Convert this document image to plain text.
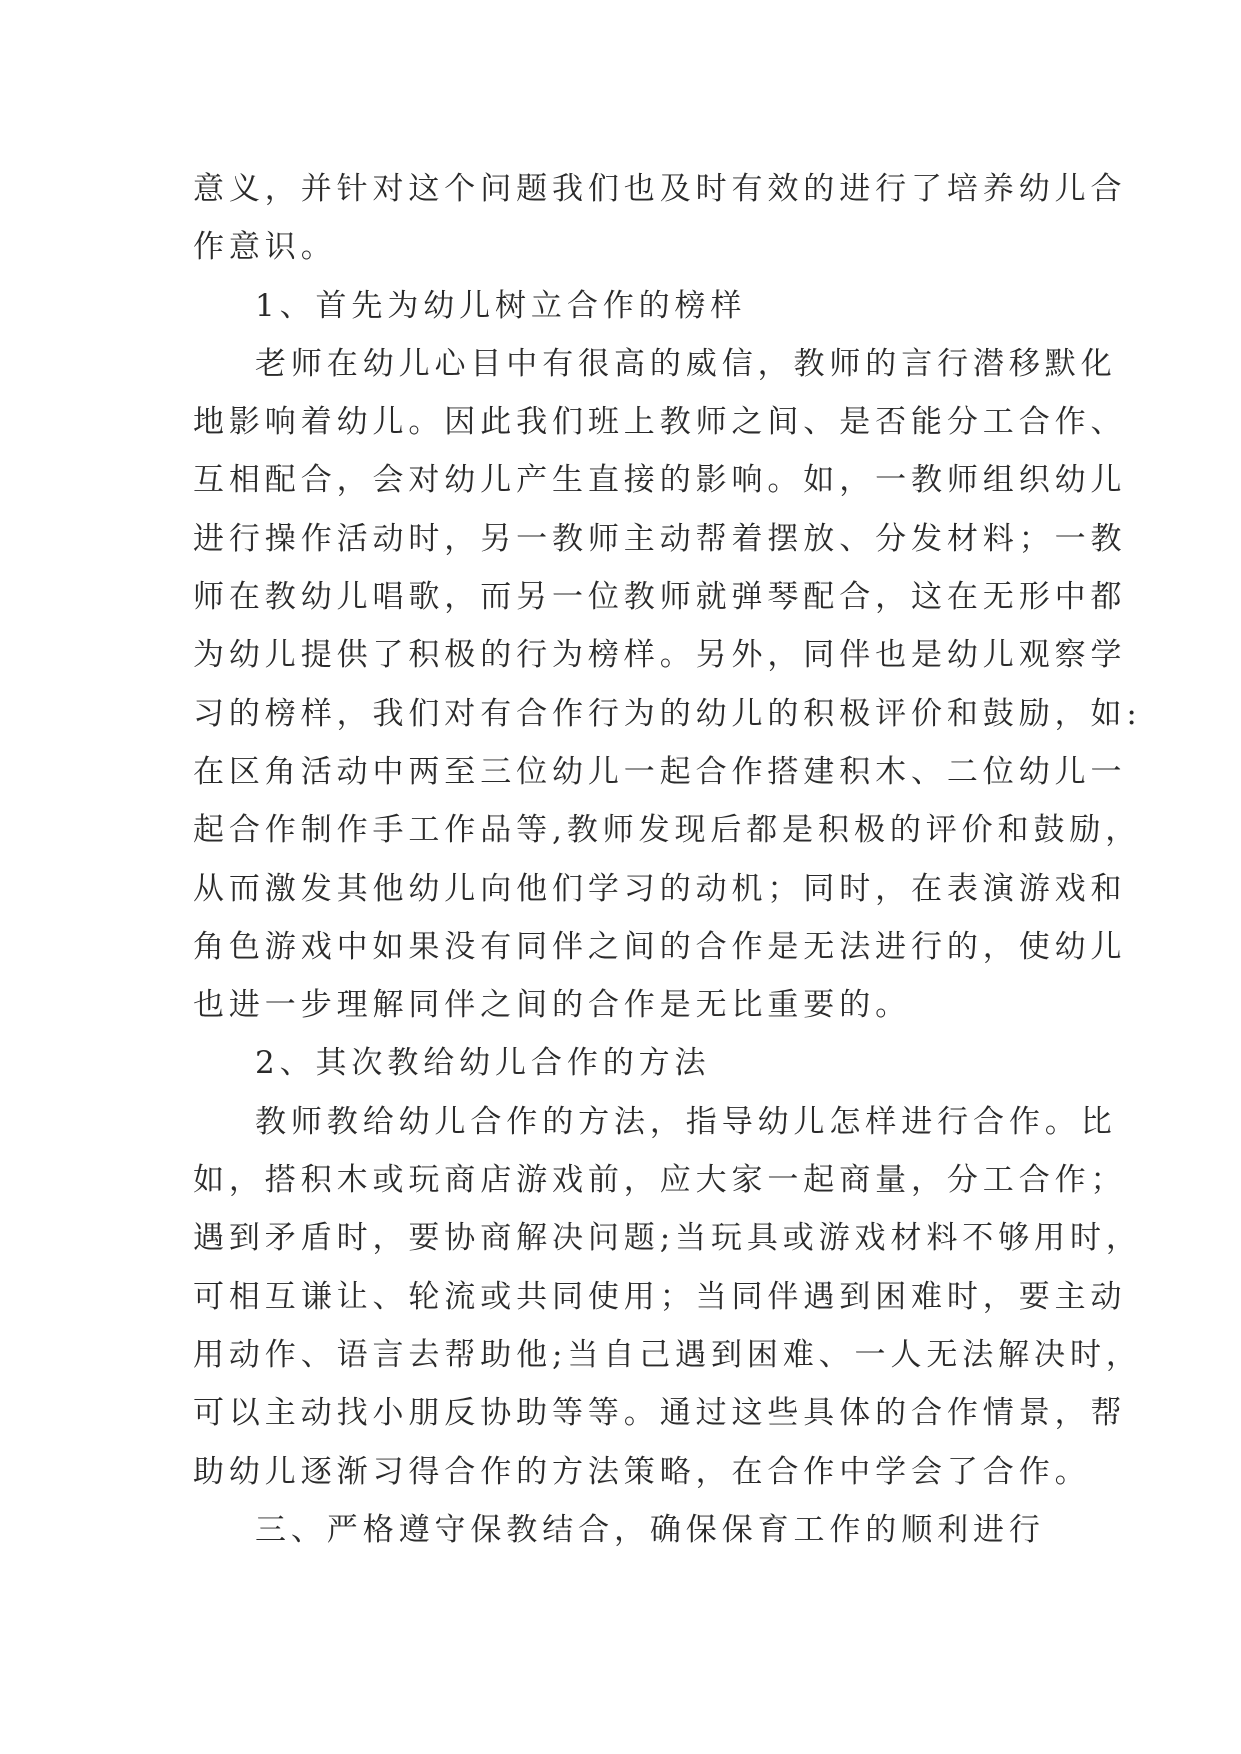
意义，并针对这个问题我们也及时有效的进行了培养幼儿合
作意识。
1、首先为幼儿树立合作的榜样
老师在幼儿心目中有很高的威信，教师的言行潜移默化
地影响着幼儿。因此我们班上教师之间、是否能分工合作、
互相配合，会对幼儿产生直接的影响。如，一教师组织幼儿
进行操作活动时，另一教师主动帮着摆放、分发材料；一教
师在教幼儿唱歌，而另一位教师就弹琴配合，这在无形中都
为幼儿提供了积极的行为榜样。另外，同伴也是幼儿观察学
习的榜样，我们对有合作行为的幼儿的积极评价和鼓励，如:
在区角活动中两至三位幼儿一起合作搭建积木、二位幼儿一
起合作制作手工作品等,教师发现后都是积极的评价和鼓励，
从而激发其他幼儿向他们学习的动机；同时，在表演游戏和
角色游戏中如果没有同伴之间的合作是无法进行的，使幼儿
也进一步理解同伴之间的合作是无比重要的。
2、其次教给幼儿合作的方法
教师教给幼儿合作的方法，指导幼儿怎样进行合作。比
如，搭积木或玩商店游戏前，应大家一起商量，分工合作；
遇到矛盾时，要协商解决问题;当玩具或游戏材料不够用时，
可相互谦让、轮流或共同使用；当同伴遇到困难时，要主动
用动作、语言去帮助他;当自己遇到困难、一人无法解决时，
可以主动找小朋反协助等等。通过这些具体的合作情景，帮
助幼儿逐渐习得合作的方法策略，在合作中学会了合作。
三、严格遵守保教结合，确保保育工作的顺利进行
